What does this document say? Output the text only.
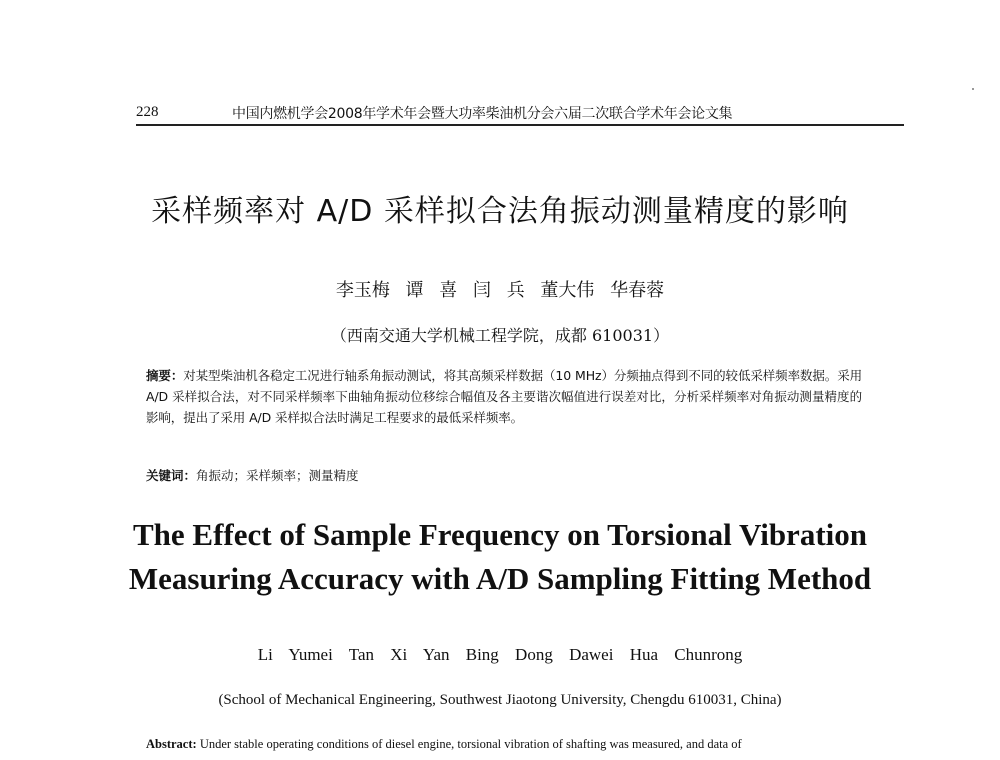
228	中国内燃机学会2008年学术年会暨大功率柴油机分会六届二次联合学术年会论文集
采样频率对 A/D 采样拟合法角振动测量精度的影响
李玉梅 谭 喜 闫 兵 董大伟 华春蓉
（西南交通大学机械工程学院，成都 610031）
摘要：对某型柴油机各稳定工况进行轴系角振动测试，将其高频采样数据（10 MHz）分频抽点得到不同的较低采样频率数据。采用 A/D 采样拟合法，对不同采样频率下曲轴角振动位移综合幅值及各主要谐次幅值进行误差对比，分析采样频率对角振动测量精度的影响，提出了采用 A/D 采样拟合法时满足工程要求的最低采样频率。
关键词：角振动；采样频率；测量精度
The Effect of Sample Frequency on Torsional Vibration
Measuring Accuracy with A/D Sampling Fitting Method
Li Yumei Tan Xi Yan Bing Dong Dawei Hua Chunrong
(School of Mechanical Engineering, Southwest Jiaotong University, Chengdu 610031, China)
Abstract: Under stable operating conditions of diesel engine, torsional vibration of shafting was measured, and data of
